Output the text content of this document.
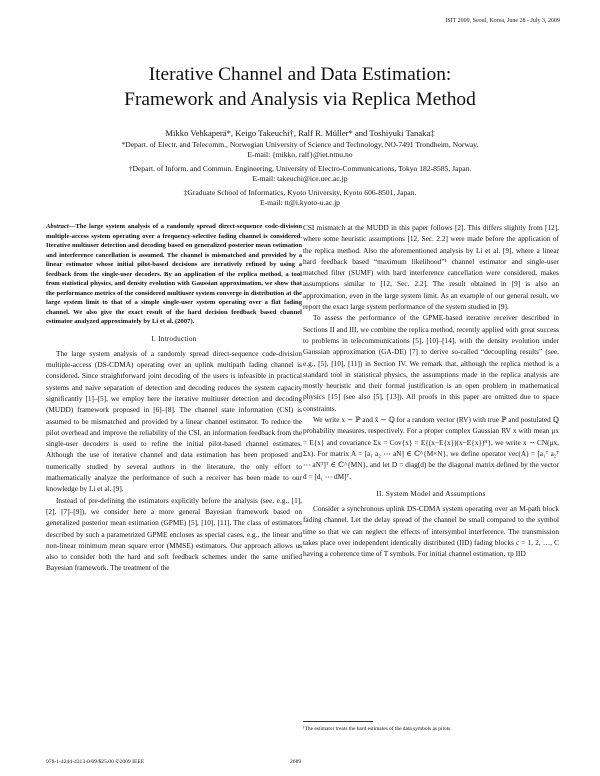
ISIT 2009, Seoul, Korea, June 28 - July 3, 2009
Iterative Channel and Data Estimation:
Framework and Analysis via Replica Method
Mikko Vehkaperä*, Keigo Takeuchi†, Ralf R. Müller* and Toshiyuki Tanaka‡
*Depart. of Electr. and Telecomm., Norwegian University of Science and Technology, NO-7491 Trondheim, Norway.
E-mail: {mikko, ralf}@iet.ntnu.no
†Depart. of Inform. and Commun. Engineering, University of Electro-Communications, Tokyo 182-8585, Japan.
E-mail: takeuchi@ice.uec.ac.jp
‡Graduate School of Informatics, Kyoto University, Kyoto 606-8501, Japan.
E-mail: tt@i.kyoto-u.ac.jp

Abstract—The large system analysis of a randomly spread direct-sequence code-division multiple-access system operating over a frequency-selective fading channel is considered. Iterative multiuser detection and decoding based on generalized posterior mean estimation and interference cancellation is assumed. The channel is mismatched and provided by a linear estimator whose initial pilot-based decisions are iteratively refined by using a feedback from the single-user decoders. By an application of the replica method, a tool from statistical physics, and density evolution with Gaussian approximation, we show that the performance metrics of the considered multiuser system converge in distribution at the large system limit to that of a simple single-user system operating over a flat fading channel. We also give the exact result of the hard decision feedback based channel estimator analyzed approximately by Li et al. (2007).

I. Introduction

The large system analysis of a randomly spread direct-sequence code-division multiple-access (DS-CDMA) operating over an uplink multipath fading channel is considered. Since straightforward joint decoding of the users is infeasible in practical systems and naive separation of detection and decoding reduces the system capacity significantly [1]–[5], we employ here the iterative multiuser detection and decoding (MUDD) framework proposed in [6]–[8]. The channel state information (CSI) is assumed to be mismatched and provided by a linear channel estimator. To reduce the pilot overhead and improve the reliability of the CSI, an information feedback from the single-user decoders is used to refine the initial pilot-based channel estimates. Although the use of iterative channel and data estimation has been proposed and numerically studied by several authors in the literature, the only effort to mathematically analyze the performance of such a receiver has been made to our knowledge by Li et al. [9].

Instead of pre-defining the estimators explicitly before the analysis (see, e.g., [1], [2], [7]–[9]), we consider here a more general Bayesian framework based on generalized posterior mean estimation (GPME) [5], [10], [11]. The class of estimators described by such a parametrized GPME encloses as special cases, e.g., the linear and non-linear minimum mean square error (MMSE) estimators. Our approach allows us also to consider both the hard and soft feedback schemes under the same unified Bayesian framework. The treatment of the

CSI mismatch at the MUDD in this paper follows [2]. This differs slightly from [12], where some heuristic assumptions [12, Sec. 2.2] were made before the application of the replica method. Also the aforementioned analysis by Li et al. [9], where a linear hard feedback based “maximum likelihood”¹ channel estimator and single-user matched filter (SUMF) with hard interference cancellation were considered, makes assumptions similar to [12, Sec. 2.2]. The result obtained in [9] is also an approximation, even in the large system limit. As an example of our general result, we report the exact large system performance of the system studied in [9].

To assess the performance of the GPME-based iterative receiver described in Sections II and III, we combine the replica method, recently applied with great success to problems in telecommunications [5], [10]–[14], with the density evolution under Gaussian approximation (GA-DE) [7] to derive so-called “decoupling results” (see, e.g., [5], [10], [11]) in Section IV. We remark that, although the replica method is a standard tool in statistical physics, the assumptions made in the replica analysis are mostly heuristic and their formal justification is an open problem in mathematical physics [15] (see also [5], [13]). All proofs in this paper are omitted due to space constraints.

We write x ∼ ℙ and x̂ ∼ ℚ for a random vector (RV) with true ℙ and postulated ℚ probability measures, respectively. For a proper complex Gaussian RV x with mean μx = E{x} and covariance Σx = Cov{x} = E{(x−E{x})(x−E{x})ᴴ}, we write x ∼ CN(μx, Σx). For matrix A = [a₁ a₂ ⋯ aN] ∈ ℂ^{M×N}, we define operator vec(A) = [a₁ᵀ a₂ᵀ ⋯ aNᵀ]ᵀ ∈ ℂ^{MN}, and let D = diag(d) be the diagonal matrix defined by the vector d = [d₁ ⋯ dM]ᵀ.

II. System Model and Assumptions

Consider a synchronous uplink DS-CDMA system operating over an M-path block fading channel. Let the delay spread of the channel be small compared to the symbol time so that we can neglect the effects of intersymbol interference. The transmission takes place over independent identically distributed (IID) fading blocks c = 1, 2, …, C having a coherence time of T symbols. For initial channel estimation, τp IID

¹The estimator treats the hard estimates of the data symbols as pilots.
978-1-4244-4313-0/09/$25.00 ©2009 IEEE	2689
